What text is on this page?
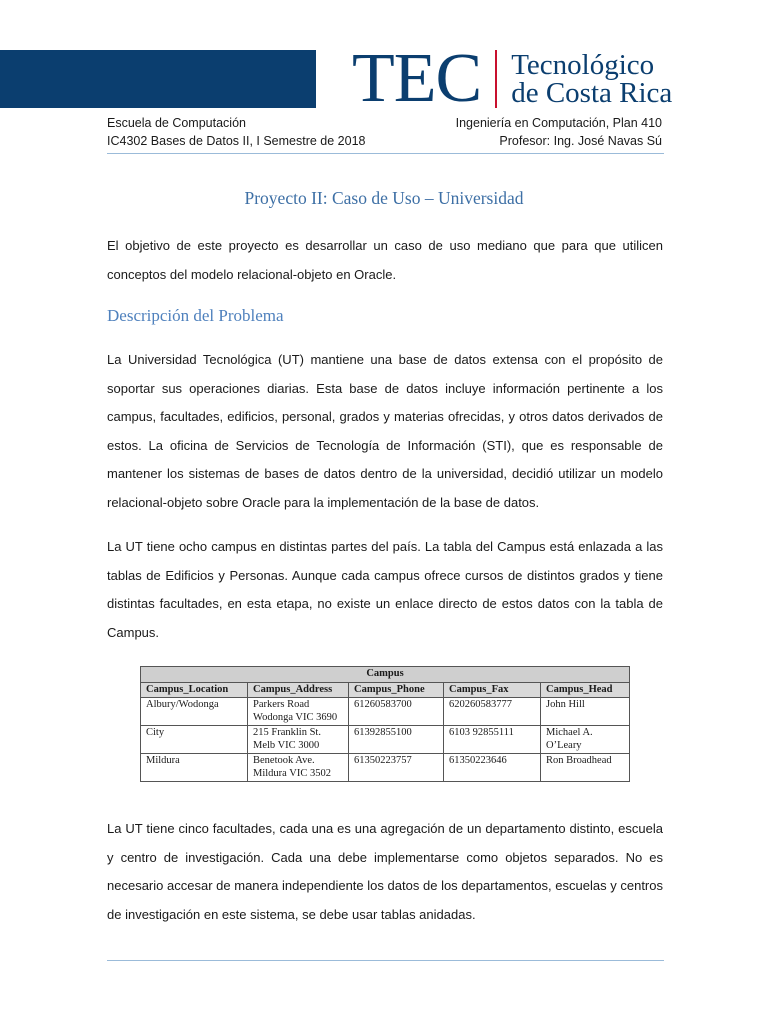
TEC Tecnológico
de Costa Rica
Escuela de Computación	Ingeniería en Computación, Plan 410
IC4302 Bases de Datos II, I Semestre de 2018	Profesor: Ing. José Navas Sú
Proyecto II: Caso de Uso – Universidad

El objetivo de este proyecto es desarrollar un caso de uso mediano que para que utilicen conceptos del modelo relacional-objeto en Oracle.

Descripción del Problema

La Universidad Tecnológica (UT) mantiene una base de datos extensa con el propósito de soportar sus operaciones diarias. Esta base de datos incluye información pertinente a los campus, facultades, edificios, personal, grados y materias ofrecidas, y otros datos derivados de estos. La oficina de Servicios de Tecnología de Información (STI), que es responsable de mantener los sistemas de bases de datos dentro de la universidad, decidió utilizar un modelo relacional-objeto sobre Oracle para la implementación de la base de datos.

La UT tiene ocho campus en distintas partes del país. La tabla del Campus está enlazada a las tablas de Edificios y Personas. Aunque cada campus ofrece cursos de distintos grados y tiene distintas facultades, en esta etapa, no existe un enlace directo de estos datos con la tabla de Campus.

Campus				
Campus_Location	Campus_Address	Campus_Phone	Campus_Fax	Campus_Head
Albury/Wodonga	Parkers Road Wodonga VIC 3690	61260583700	620260583777	John Hill
City	215 Franklin St. Melb VIC 3000	61392855100	6103 92855111	Michael A. O’Leary
Mildura	Benetook Ave. Mildura VIC 3502	61350223757	61350223646	Ron Broadhead

La UT tiene cinco facultades, cada una es una agregación de un departamento distinto, escuela y centro de investigación. Cada una debe implementarse como objetos separados. No es necesario accesar de manera independiente los datos de los departamentos, escuelas y centros de investigación en este sistema, se debe usar tablas anidadas.
